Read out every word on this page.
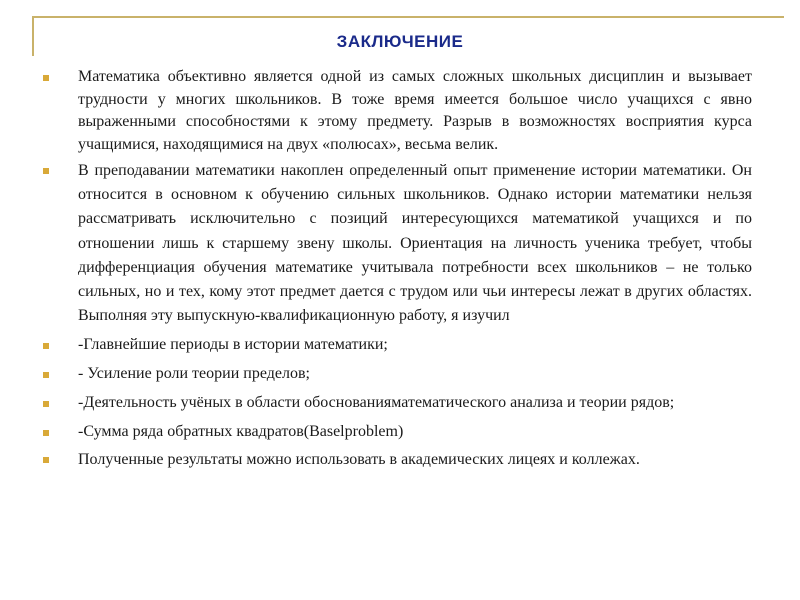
ЗАКЛЮЧЕНИЕ
Математика объективно является одной из самых сложных школьных дисциплин и вызывает трудности у многих школьников. В тоже время имеется большое число учащихся с явно выраженными способностями к этому предмету. Разрыв в возможностях восприятия курса учащимися, находящимися на двух «полюсах», весьма велик.
В преподавании математики накоплен определенный опыт применение истории математики. Он относится в основном к обучению сильных школьников. Однако истории математики нельзя рассматривать исключительно с позиций интересующихся математикой учащихся и по отношении лишь к старшему звену школы. Ориентация на личность ученика требует, чтобы дифференциация обучения математике учитывала потребности всех школьников – не только сильных, но и тех, кому этот предмет дается с трудом или чьи интересы лежат в других областях. Выполняя эту выпускную-квалификационную работу, я изучил
-Главнейшие периоды в истории математики;
- Усиление роли теории пределов;
-Деятельность учёных в области обоснованияматематического анализа и теории рядов;
-Сумма ряда обратных квадратов(Baselproblem)
Полученные результаты можно использовать в академических лицеях и коллежах.
